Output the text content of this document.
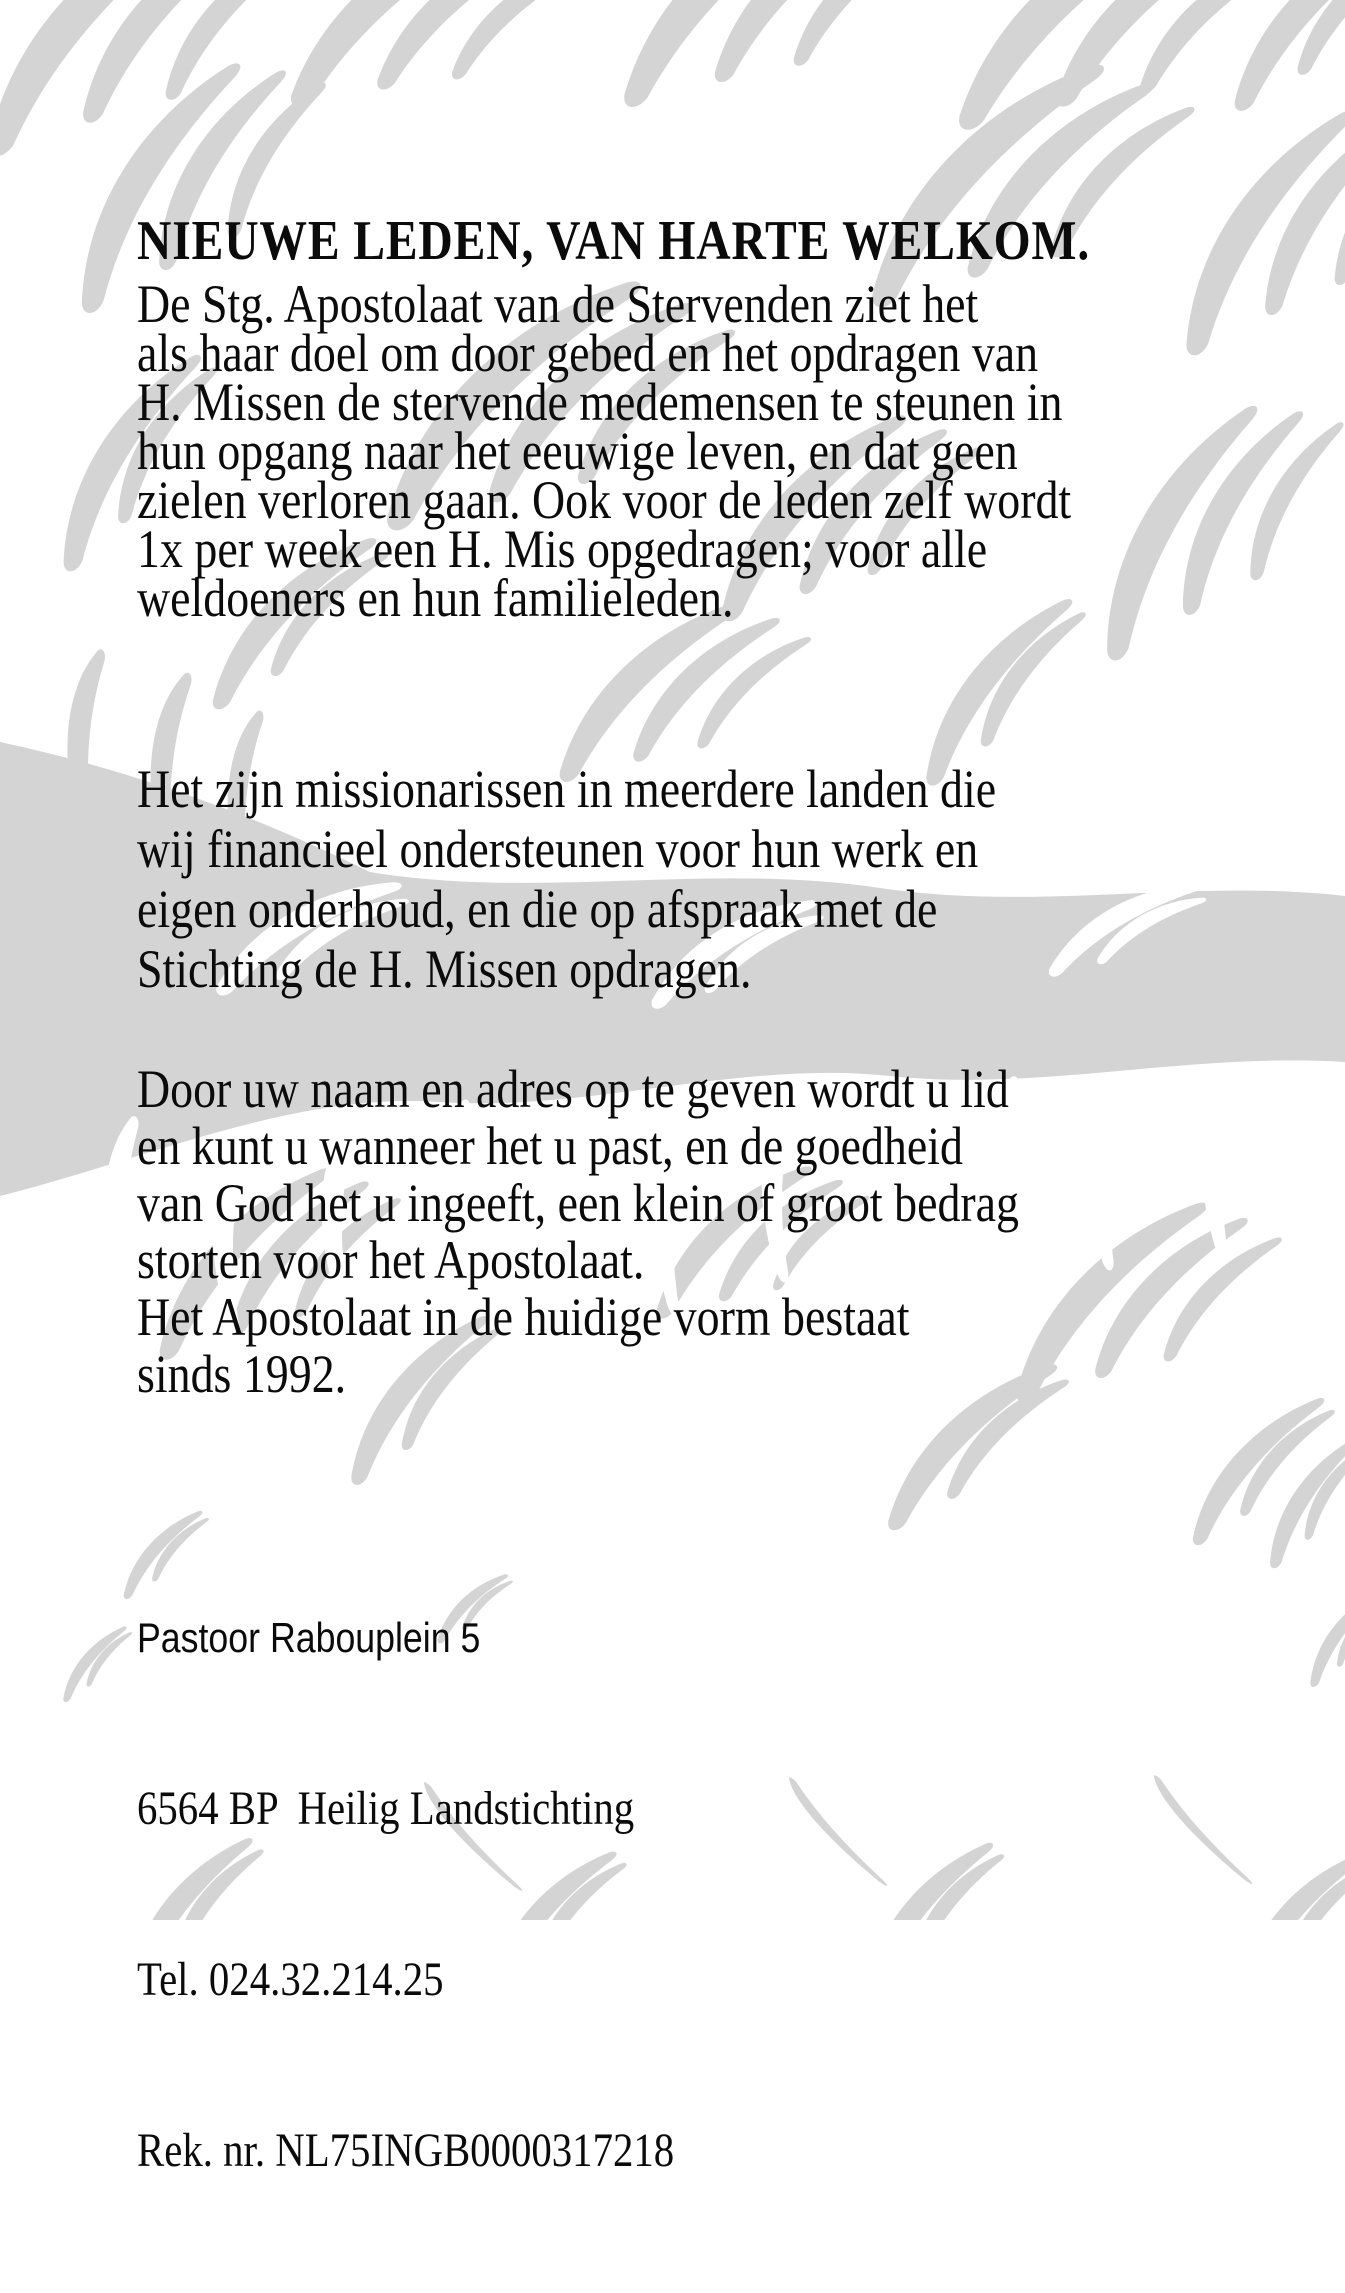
NIEUWE LEDEN, VAN HARTE WELKOM.
De Stg. Apostolaat van de Stervenden ziet het
als haar doel om door gebed en het opdragen van
H. Missen de stervende medemensen te steunen in
hun opgang naar het eeuwige leven, en dat geen
zielen verloren gaan. Ook voor de leden zelf wordt
1x per week een H. Mis opgedragen; voor alle
weldoeners en hun familieleden.
Het zijn missionarissen in meerdere landen die
wij financieel ondersteunen voor hun werk en
eigen onderhoud, en die op afspraak met de
Stichting de H. Missen opdragen.
Door uw naam en adres op te geven wordt u lid
en kunt u wanneer het u past, en de goedheid
van God het u ingeeft, een klein of groot bedrag
storten voor het Apostolaat.
Het Apostolaat in de huidige vorm bestaat
sinds 1992.

Pastoor Rabouplein 5

6564 BP  Heilig Landstichting

Tel. 024.32.214.25

Rek. nr. NL75INGB0000317218
